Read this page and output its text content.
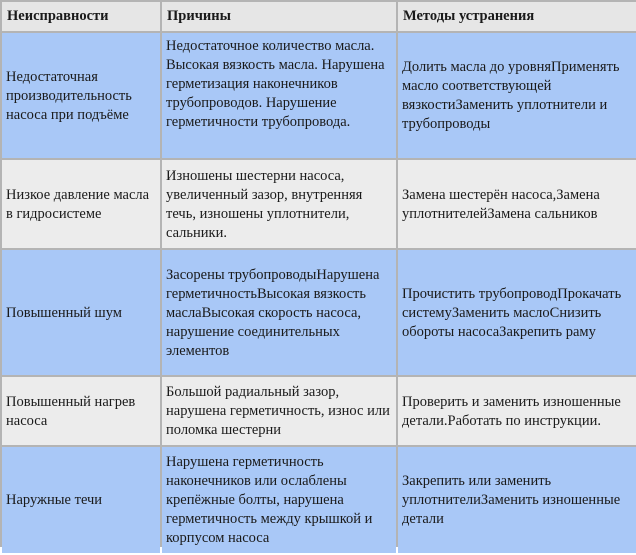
Неисправности	Причины	Методы устранения
Недостаточная производительность насоса при подъёме	Недостаточное количество масла. Высокая вязкость масла. Нарушена герметизация наконечников трубопроводов. Нарушение герметичности трубопровода.	Долить масла до уровняПрименять масло соответствующей вязкостиЗаменить уплотнители и трубопроводы
Низкое давление масла в гидросистеме	Изношены шестерни насоса, увеличенный зазор, внутренняя течь, изношены уплотнители, сальники.	Замена шестерён насоса,Замена уплотнителейЗамена сальников
Повышенный шум	Засорены трубопроводыНарушена герметичностьВысокая вязкость маслаВысокая скорость насоса, нарушение соединительных элементов	Прочистить трубопроводПрокачать системуЗаменить маслоСнизить обороты насосаЗакрепить раму
Повышенный нагрев насоса	Большой радиальный зазор, нарушена герметичность, износ или поломка шестерни	Проверить и заменить изношенные детали.Работать по инструкции.
Наружные течи	Нарушена герметичность наконечников или ослаблены крепёжные болты, нарушена герметичность между крышкой и корпусом насоса	Закрепить или заменить уплотнителиЗаменить изношенные детали
